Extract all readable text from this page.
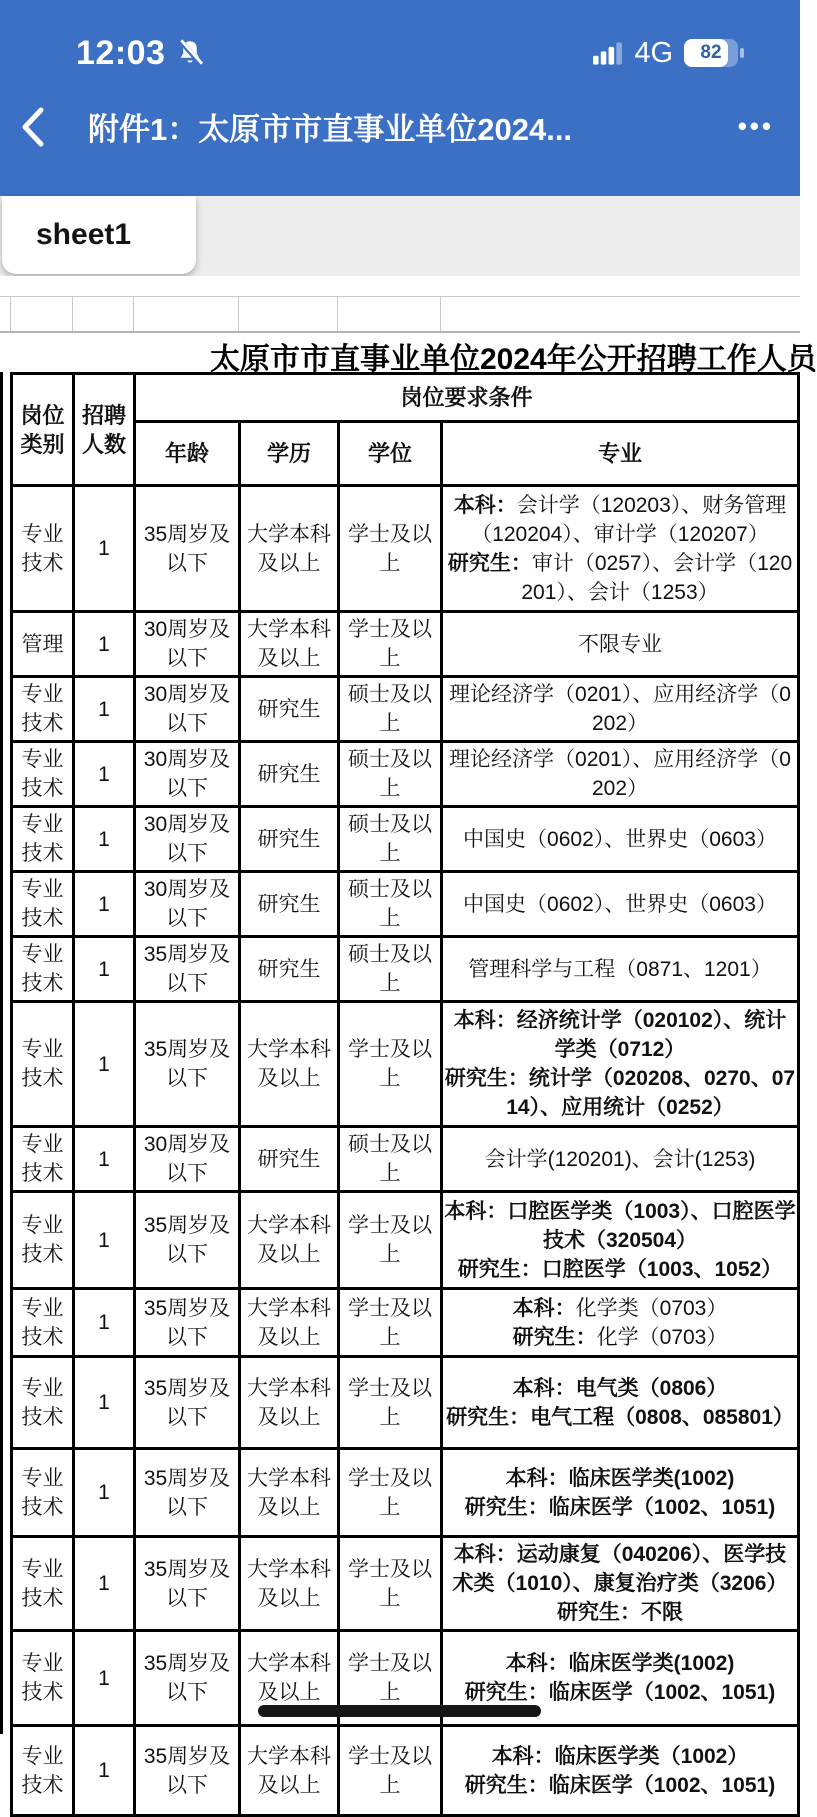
12:03	4G	82
附件1：太原市市直事业单位2024...	•••
sheet1
太原市市直事业单位2024年公开招聘工作人员
岗位类别	招聘人数	岗位要求条件			
		年龄	学历	学位	专业
专业技术	1	35周岁及以下	大学本科及以上	学士及以上	本科：会计学（120203）、财务管理（120204）、审计学（120207）
研究生：审计（0257）、会计学（120201）、会计（1253）

管理	1	30周岁及以下	大学本科及以上	学士及以上	不限专业

专业技术	1	30周岁及以下	研究生	硕士及以上	理论经济学（0201）、应用经济学（0202）

专业技术	1	30周岁及以下	研究生	硕士及以上	理论经济学（0201）、应用经济学（0202）

专业技术	1	30周岁及以下	研究生	硕士及以上	中国史（0602）、世界史（0603）

专业技术	1	30周岁及以下	研究生	硕士及以上	中国史（0602）、世界史（0603）

专业技术	1	35周岁及以下	研究生	硕士及以上	管理科学与工程（0871、1201）

专业技术	1	35周岁及以下	大学本科及以上	学士及以上	本科：经济统计学（020102）、统计学类（0712）
研究生：统计学（020208、0270、0714）、应用统计（0252）

专业技术	1	30周岁及以下	研究生	硕士及以上	会计学(120201)、会计(1253)

专业技术	1	35周岁及以下	大学本科及以上	学士及以上	本科：口腔医学类（1003）、口腔医学技术（320504）
研究生：口腔医学（1003、1052）

专业技术	1	35周岁及以下	大学本科及以上	学士及以上	本科：化学类（0703）
研究生：化学（0703）

专业技术	1	35周岁及以下	大学本科及以上	学士及以上	本科：电气类（0806）
研究生：电气工程（0808、085801）

专业技术	1	35周岁及以下	大学本科及以上	学士及以上	本科：临床医学类(1002)
研究生：临床医学（1002、1051)

专业技术	1	35周岁及以下	大学本科及以上	学士及以上	本科：运动康复（040206）、医学技术类（1010）、康复治疗类（3206）
研究生：不限

专业技术	1	35周岁及以下	大学本科及以上	学士及以上	本科：临床医学类(1002)
研究生：临床医学（1002、1051)

专业技术	1	35周岁及以下	大学本科及以上	学士及以上	本科：临床医学类（1002）
研究生：临床医学（1002、1051)
